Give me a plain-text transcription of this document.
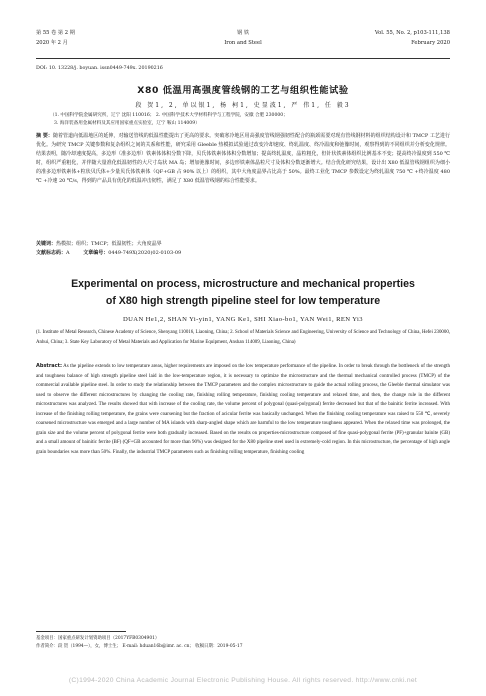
第 55 卷 第 2 期
2020 年 2 月
钢 铁
Iron and Steel
Vol. 55, No. 2, p103-111,138
February 2020
DOI: 10. 13228/j. boyuan. issn0449-749x. 20190216
X80 低温用高强度管线钢的工艺与组织性能试验
段 贺1, 2, 单以银1, 杨 柯1, 史显波1, 严 伟1, 任 毅3
（1. 中国科学院金属研究所，辽宁 沈阳 110016； 2. 中国科学技术大学材料科学与工程学院，安徽 合肥 230000；
3. 海洋装备用金属材料及其应用国家重点实验室，辽宁 鞍山 114009）
摘 要：随着管道向低温地区的延伸，对输送管线的低温性能提出了更高的要求。突破寒冷地区用高强度管线钢强韧性配合的瓶颈需要对现有管线钢材料的组织结构设计和 TMCP 工艺进行优化。为研究 TMCP 关键参数和复杂组织之间的关系和性能，研究采用 Gleeble 热模拟试验通过改变冷却速度、终轧温度、终冷温度和弛豫时间，观察得到的不同组织并分析变化规律。结果表明，随冷却速度提高，多边形（准多边形）铁素体体积分数下降，贝氏体铁素体体积分数增加；提高终轧温度，晶粒粗化，但针状铁素体组织比例基本不变；提高终冷温度到 550 ℃ 时，组织严重粗化，并伴随大量准化低温韧性的大尺寸岛状 MA 岛；增加弛豫时间，多边形铁素体晶粒尺寸及体积分数逐渐增大。结合优化研究结果，设计出 X80 低温管线钢组织为细小的准多边形铁素体+粒状贝氏体+少量贝氏体铁素体（QF+GB 占 90% 以上）的组织，其中大角度晶界占比高于 50%。最终工业化 TMCP 参数设定为终轧温度 750 ℃ +终冷温度 480 ℃ +冷速 20 ℃/s，得到的产品具有优化的低温冲击韧性，满足了 X80 低温管线钢的综合性能要求。
关键词：热模拟；组织；TMCP；低温韧性；大角度晶界
文献标志码：A	文章编号：0449-749X(2020)02-0103-09
Experimental on process, microstructure and mechanical properties
of X80 high strength pipeline steel for low temperature
DUAN He1,2, SHAN Yi-yin1, YANG Ke1, SHI Xiao-bo1, YAN Wei1, REN Yi3
(1. Institute of Metal Research, Chinese Academy of Science, Shenyang 110016, Liaoning, China; 2. School of Materials Science and Engineering, University of Science and Technology of China, Hefei 230000, Anhui, China; 3. State Key Laboratory of Metal Materials and Application for Marine Equipment, Anshan 114009, Liaoning, China)
Abstract: As the pipeline extends to low temperature areas, higher requirements are imposed on the low temperature performance of the pipeline. In order to break through the bottleneck of the strength and toughness balance of high strength pipeline steel laid in the low-temperature region, it is necessary to optimize the microstructure and the thermal mechanical controlled process (TMCP) of the commercial available pipeline steel. In order to study the relationship between the TMCP parameters and the complex microstructure to guide the actual rolling process, the Gleeble thermal simulator was used to observe the different microstructures by changing the cooling rate, finishing rolling temperature, finishing cooling temperature and relaxed time, and then, the change rule in the different microstructures was analyzed. The results showed that with increase of the cooling rate, the volume percent of polygonal (quasi-polygonal) ferrite decreased but that of the bainitic ferrite increased. With increase of the finishing rolling temperature, the grains were coarsening but the fraction of acicular ferrite was basically unchanged. When the finishing cooling temperature was raised to 550 ℃, severely coarsened microstructure was emerged and a large number of MA islands with sharp-angled shape which are harmful to the low temperature toughness appeared. When the relaxed time was prolonged, the grain size and the volume percent of polygonal ferrite were both gradually increased. Based on the results on properties-microstructure composed of fine quasi-polygonal ferrite (PF)+granular bainite (GB) and a small amount of bainitic ferrite (BF) (QF+GB accounted for more than 90%) was designed for the X80 pipeline steel used in extremely-cold region. In this microstructure, the percentage of high angle grain boundaries was more than 50%. Finally, the industrial TMCP parameters such as finishing rolling temperature, finishing cooling
基金项目：国家重点研发计划资助项目（2017YFB0304901）
作者简介：段 贺（1994—），女，博士生； E-mail: hduan16b@imr. ac. cn； 收稿日期：2019-05-17
(C)1994-2020 China Academic Journal Electronic Publishing House. All rights reserved. http://www.cnki.net
